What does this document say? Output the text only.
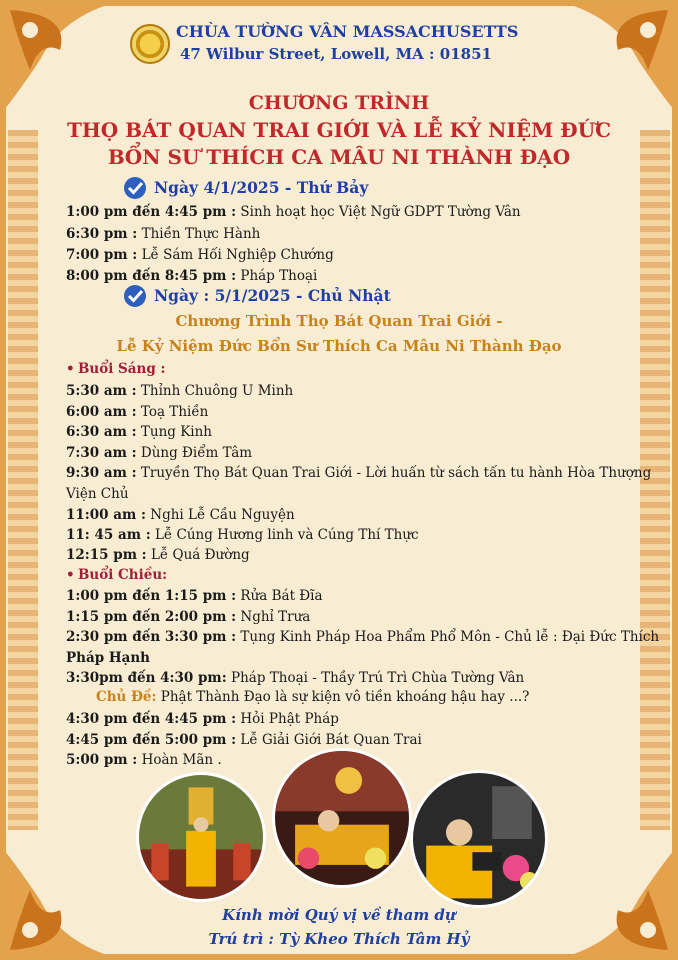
CHÙA TƯỜNG VÂN MASSACHUSETTS
47 Wilbur Street, Lowell, MA : 01851
CHƯƠNG TRÌNH
THỌ BÁT QUAN TRAI GIỚI VÀ LỄ KỶ NIỆM ĐỨC
BỔN SƯ THÍCH CA MÂU NI THÀNH ĐẠO
Ngày 4/1/2025 - Thứ Bảy
1:00 pm đến 4:45 pm : Sinh hoạt học Việt Ngữ GDPT Tường Vân
6:30 pm : Thiền Thực Hành
7:00 pm : Lễ Sám Hối Nghiệp Chướng
8:00 pm đến 8:45 pm : Pháp Thoại
Ngày : 5/1/2025 - Chủ Nhật
Chương Trình Thọ Bát Quan Trai Giới -
Lễ Kỷ Niệm Đức Bổn Sư Thích Ca Mâu Ni Thành Đạo
• Buổi Sáng :
5:30 am : Thỉnh Chuông U Minh
6:00 am : Toạ Thiền
6:30 am : Tụng Kinh
7:30 am : Dùng Điểm Tâm
9:30 am : Truyền Thọ Bát Quan Trai Giới - Lời huấn từ sách tấn tu hành Hòa Thượng
Viện Chủ
11:00 am : Nghi Lễ Cầu Nguyện
11: 45 am : Lễ Cúng Hương linh và Cúng Thí Thực
12:15 pm : Lễ Quá Đường
• Buổi Chiều:
1:00 pm đến 1:15 pm : Rửa Bát Đĩa
1:15 pm đến 2:00 pm : Nghỉ Trưa
2:30 pm đến 3:30 pm : Tụng Kinh Pháp Hoa Phẩm Phổ Môn - Chủ lễ : Đại Đức Thích
Pháp Hạnh
3:30pm đến 4:30 pm: Pháp Thoại - Thầy Trú Trì Chùa Tường Vân
Chủ Đề: Phật Thành Đạo là sự kiện vô tiền khoáng hậu hay ...?
4:30 pm đến 4:45 pm : Hỏi Phật Pháp
4:45 pm đến 5:00 pm : Lễ Giải Giới Bát Quan Trai
5:00 pm : Hoàn Mãn .
Kính mời Quý vị về tham dự
Trú trì : Tỳ Kheo Thích Tâm Hỷ
